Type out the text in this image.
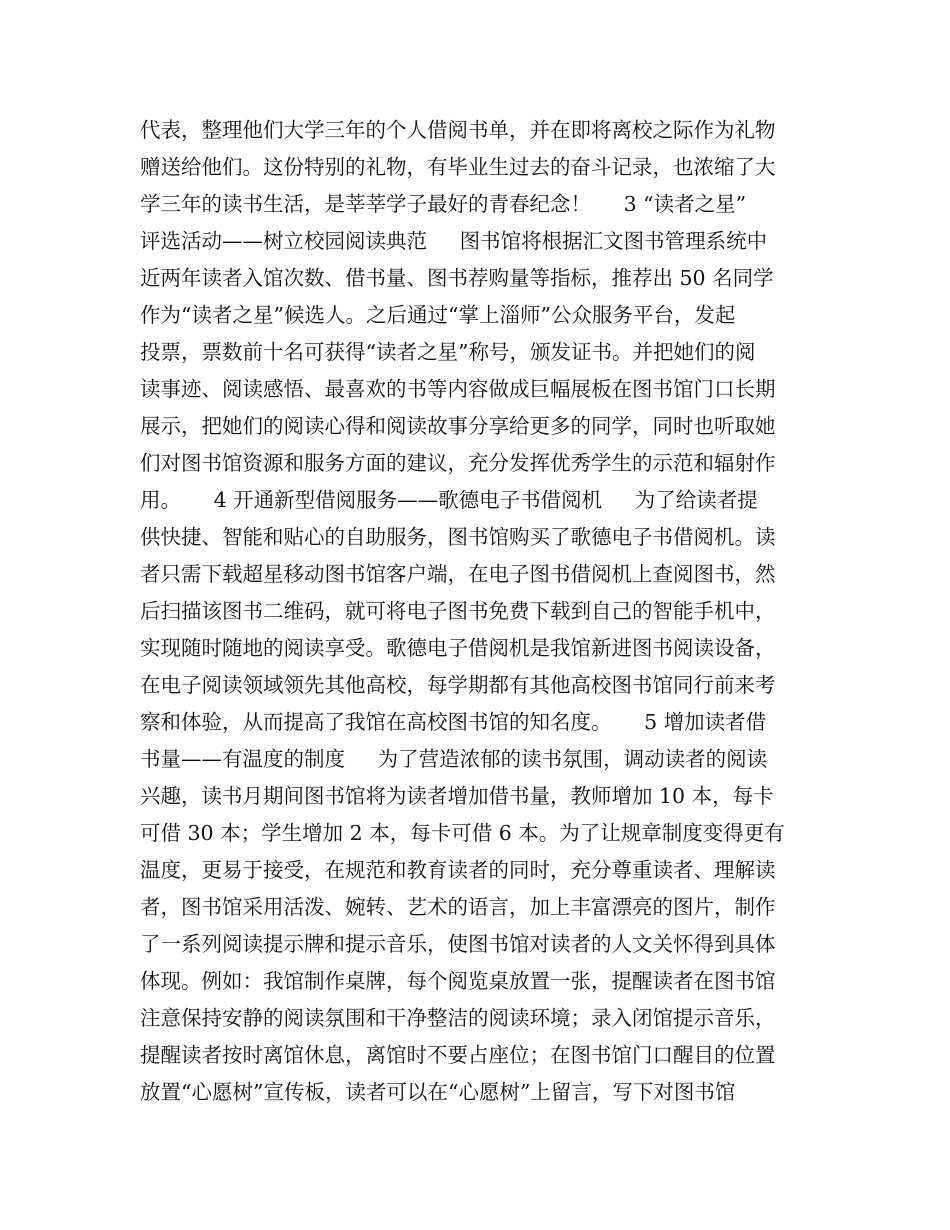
代表，整理他们大学三年的个人借阅书单，并在即将离校之际作为礼物
赠送给他们。这份特别的礼物，有毕业生过去的奋斗记录，也浓缩了大
学三年的读书生活，是莘莘学子最好的青春纪念！     3 “读者之星”
评选活动——树立校园阅读典范     图书馆将根据汇文图书管理系统中
近两年读者入馆次数、借书量、图书荐购量等指标，推荐出 50 名同学
作为“读者之星”候选人。之后通过“掌上淄师”公众服务平台，发起
投票，票数前十名可获得“读者之星”称号，颁发证书。并把她们的阅
读事迹、阅读感悟、最喜欢的书等内容做成巨幅展板在图书馆门口长期
展示，把她们的阅读心得和阅读故事分享给更多的同学，同时也听取她
们对图书馆资源和服务方面的建议，充分发挥优秀学生的示范和辐射作
用。     4 开通新型借阅服务——歌德电子书借阅机     为了给读者提
供快捷、智能和贴心的自助服务，图书馆购买了歌德电子书借阅机。读
者只需下载超星移动图书馆客户端，在电子图书借阅机上查阅图书，然
后扫描该图书二维码，就可将电子图书免费下载到自己的智能手机中，
实现随时随地的阅读享受。歌德电子借阅机是我馆新进图书阅读设备，
在电子阅读领域领先其他高校，每学期都有其他高校图书馆同行前来考
察和体验，从而提高了我馆在高校图书馆的知名度。     5 增加读者借
书量——有温度的制度     为了营造浓郁的读书氛围，调动读者的阅读
兴趣，读书月期间图书馆将为读者增加借书量，教师增加 10 本，每卡
可借 30 本；学生增加 2 本，每卡可借 6 本。为了让规章制度变得更有
温度，更易于接受，在规范和教育读者的同时，充分尊重读者、理解读
者，图书馆采用活泼、婉转、艺术的语言，加上丰富漂亮的图片，制作
了一系列阅读提示牌和提示音乐，使图书馆对读者的人文关怀得到具体
体现。例如：我馆制作桌牌，每个阅览桌放置一张，提醒读者在图书馆
注意保持安静的阅读氛围和干净整洁的阅读环境；录入闭馆提示音乐，
提醒读者按时离馆休息，离馆时不要占座位；在图书馆门口醒目的位置
放置“心愿树”宣传板，读者可以在“心愿树”上留言，写下对图书馆
